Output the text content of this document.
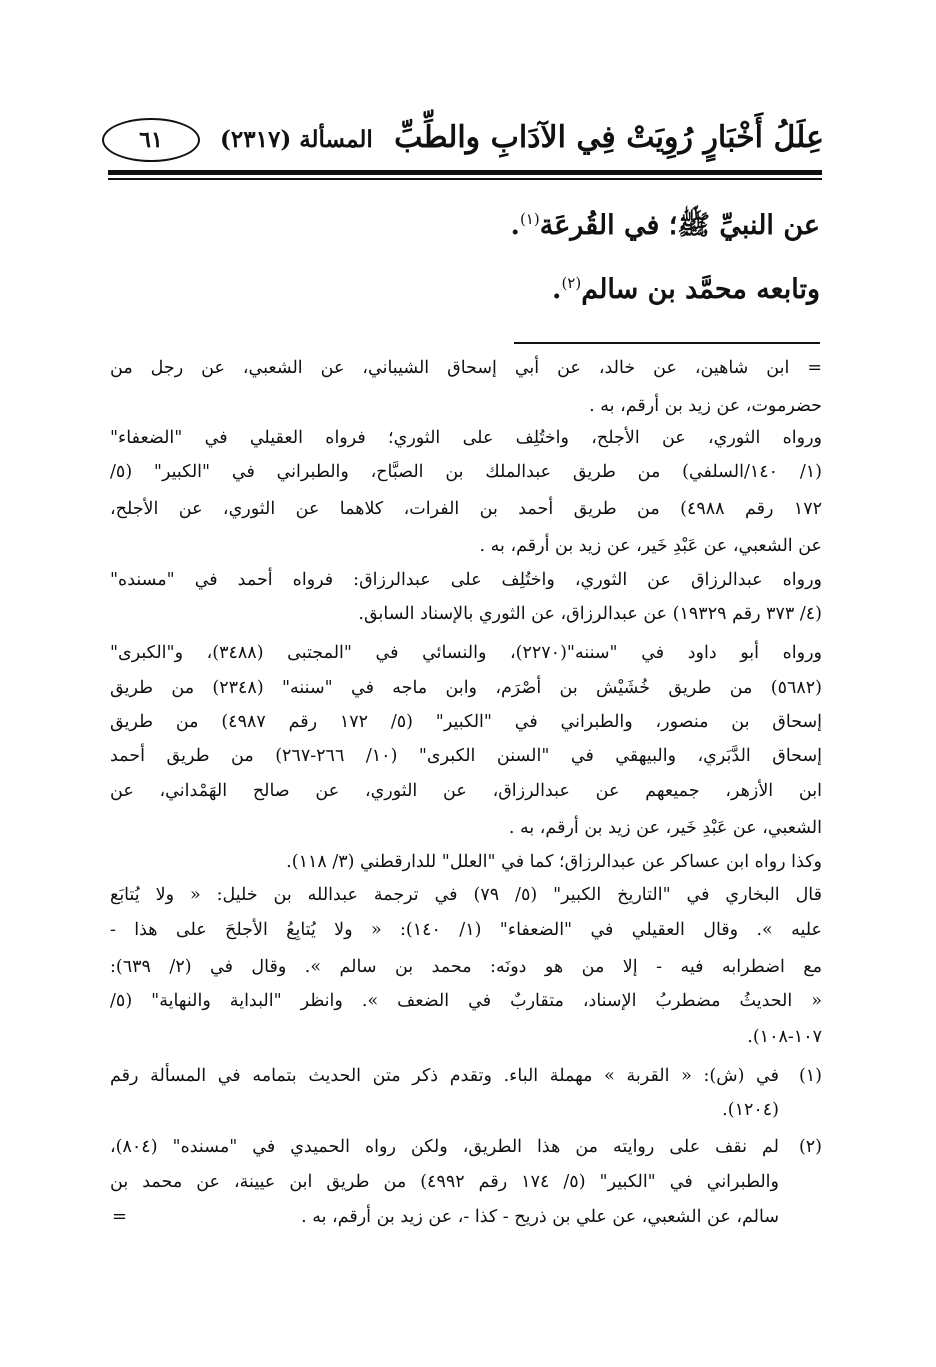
عِلَلُ أَخْبَارٍ رُوِيَتْ فِي الآدَابِ والطِّبِّ
المسألة (٢٣١٧)
٦١
عن النبيِّ ﷺ؛ في القُرعَة$^{(١)}$.
وتابعه محمَّد بن سالم$^{(٢)}$.
= ابن شاهين، عن خالد، عن أبي إسحاق الشيباني، عن الشعبي، عن رجل من
حضرموت، عن زيد بن أرقم، به .
ورواه الثوري، عن الأجلح، واختُلِف على الثوري؛ فرواه العقيلي في "الضعفاء"
(١/ ١٤٠/السلفي) من طريق عبدالملك بن الصبَّاح، والطبراني في "الكبير" (٥/
١٧٢ رقم ٤٩٨٨) من طريق أحمد بن الفرات، كلاهما عن الثوري، عن الأجلح،
عن الشعبي، عن عَبْدِ خَير، عن زيد بن أرقم، به .
ورواه عبدالرزاق عن الثوري، واختُلِف على عبدالرزاق: فرواه أحمد في "مسنده"
(٤/ ٣٧٣ رقم ١٩٣٢٩) عن عبدالرزاق، عن الثوري بالإسناد السابق.
ورواه أبو داود في "سننه"(٢٢٧٠)، والنسائي في "المجتبى (٣٤٨٨)، و"الكبرى"
(٥٦٨٢) من طريق خُشَيْش بن أَصْرَم، وابن ماجه في "سننه" (٢٣٤٨) من طريق
إسحاق بن منصور، والطبراني في "الكبير" (٥/ ١٧٢ رقم ٤٩٨٧) من طريق
إسحاق الدَّبَري، والبيهقي في "السنن الكبرى" (١٠/ ٢٦٦-٢٦٧) من طريق أحمد
ابن الأزهر، جميعهم عن عبدالرزاق، عن الثوري، عن صالح الهَمْداني، عن
الشعبي، عن عَبْدِ خَير، عن زيد بن أرقم، به .
وكذا رواه ابن عساكر عن عبدالرزاق؛ كما في "العلل" للدارقطني (٣/ ١١٨).
قال البخاري في "التاريخ الكبير" (٥/ ٧٩) في ترجمة عبدالله بن خليل: « ولا يُتابَع
عليه ». وقال العقيلي في "الضعفاء" (١/ ١٤٠): « ولا يُتابِعُ الأجلحَ على هذا -
مع اضطرابه فيه - إلا من هو دونَه: محمد بن سالم ». وقال في (٢/ ٦٣٩):
« الحديثُ مضطربُ الإسناد، متقاربٌ في الضعف ». وانظر "البداية والنهاية" (٥/
١٠٧-١٠٨).
(١)
في (ش): « القربة » مهملة الباء. وتقدم ذكر متن الحديث بتمامه في المسألة رقم
(١٢٠٤).
(٢)
لم نقف على روايته من هذا الطريق، ولكن رواه الحميدي في "مسنده" (٨٠٤)،
والطبراني في "الكبير" (٥/ ١٧٤ رقم ٤٩٩٢) من طريق ابن عيينة، عن محمد بن
سالم، عن الشعبي، عن علي بن ذريح - كذا -، عن زيد بن أرقم، به .
=
